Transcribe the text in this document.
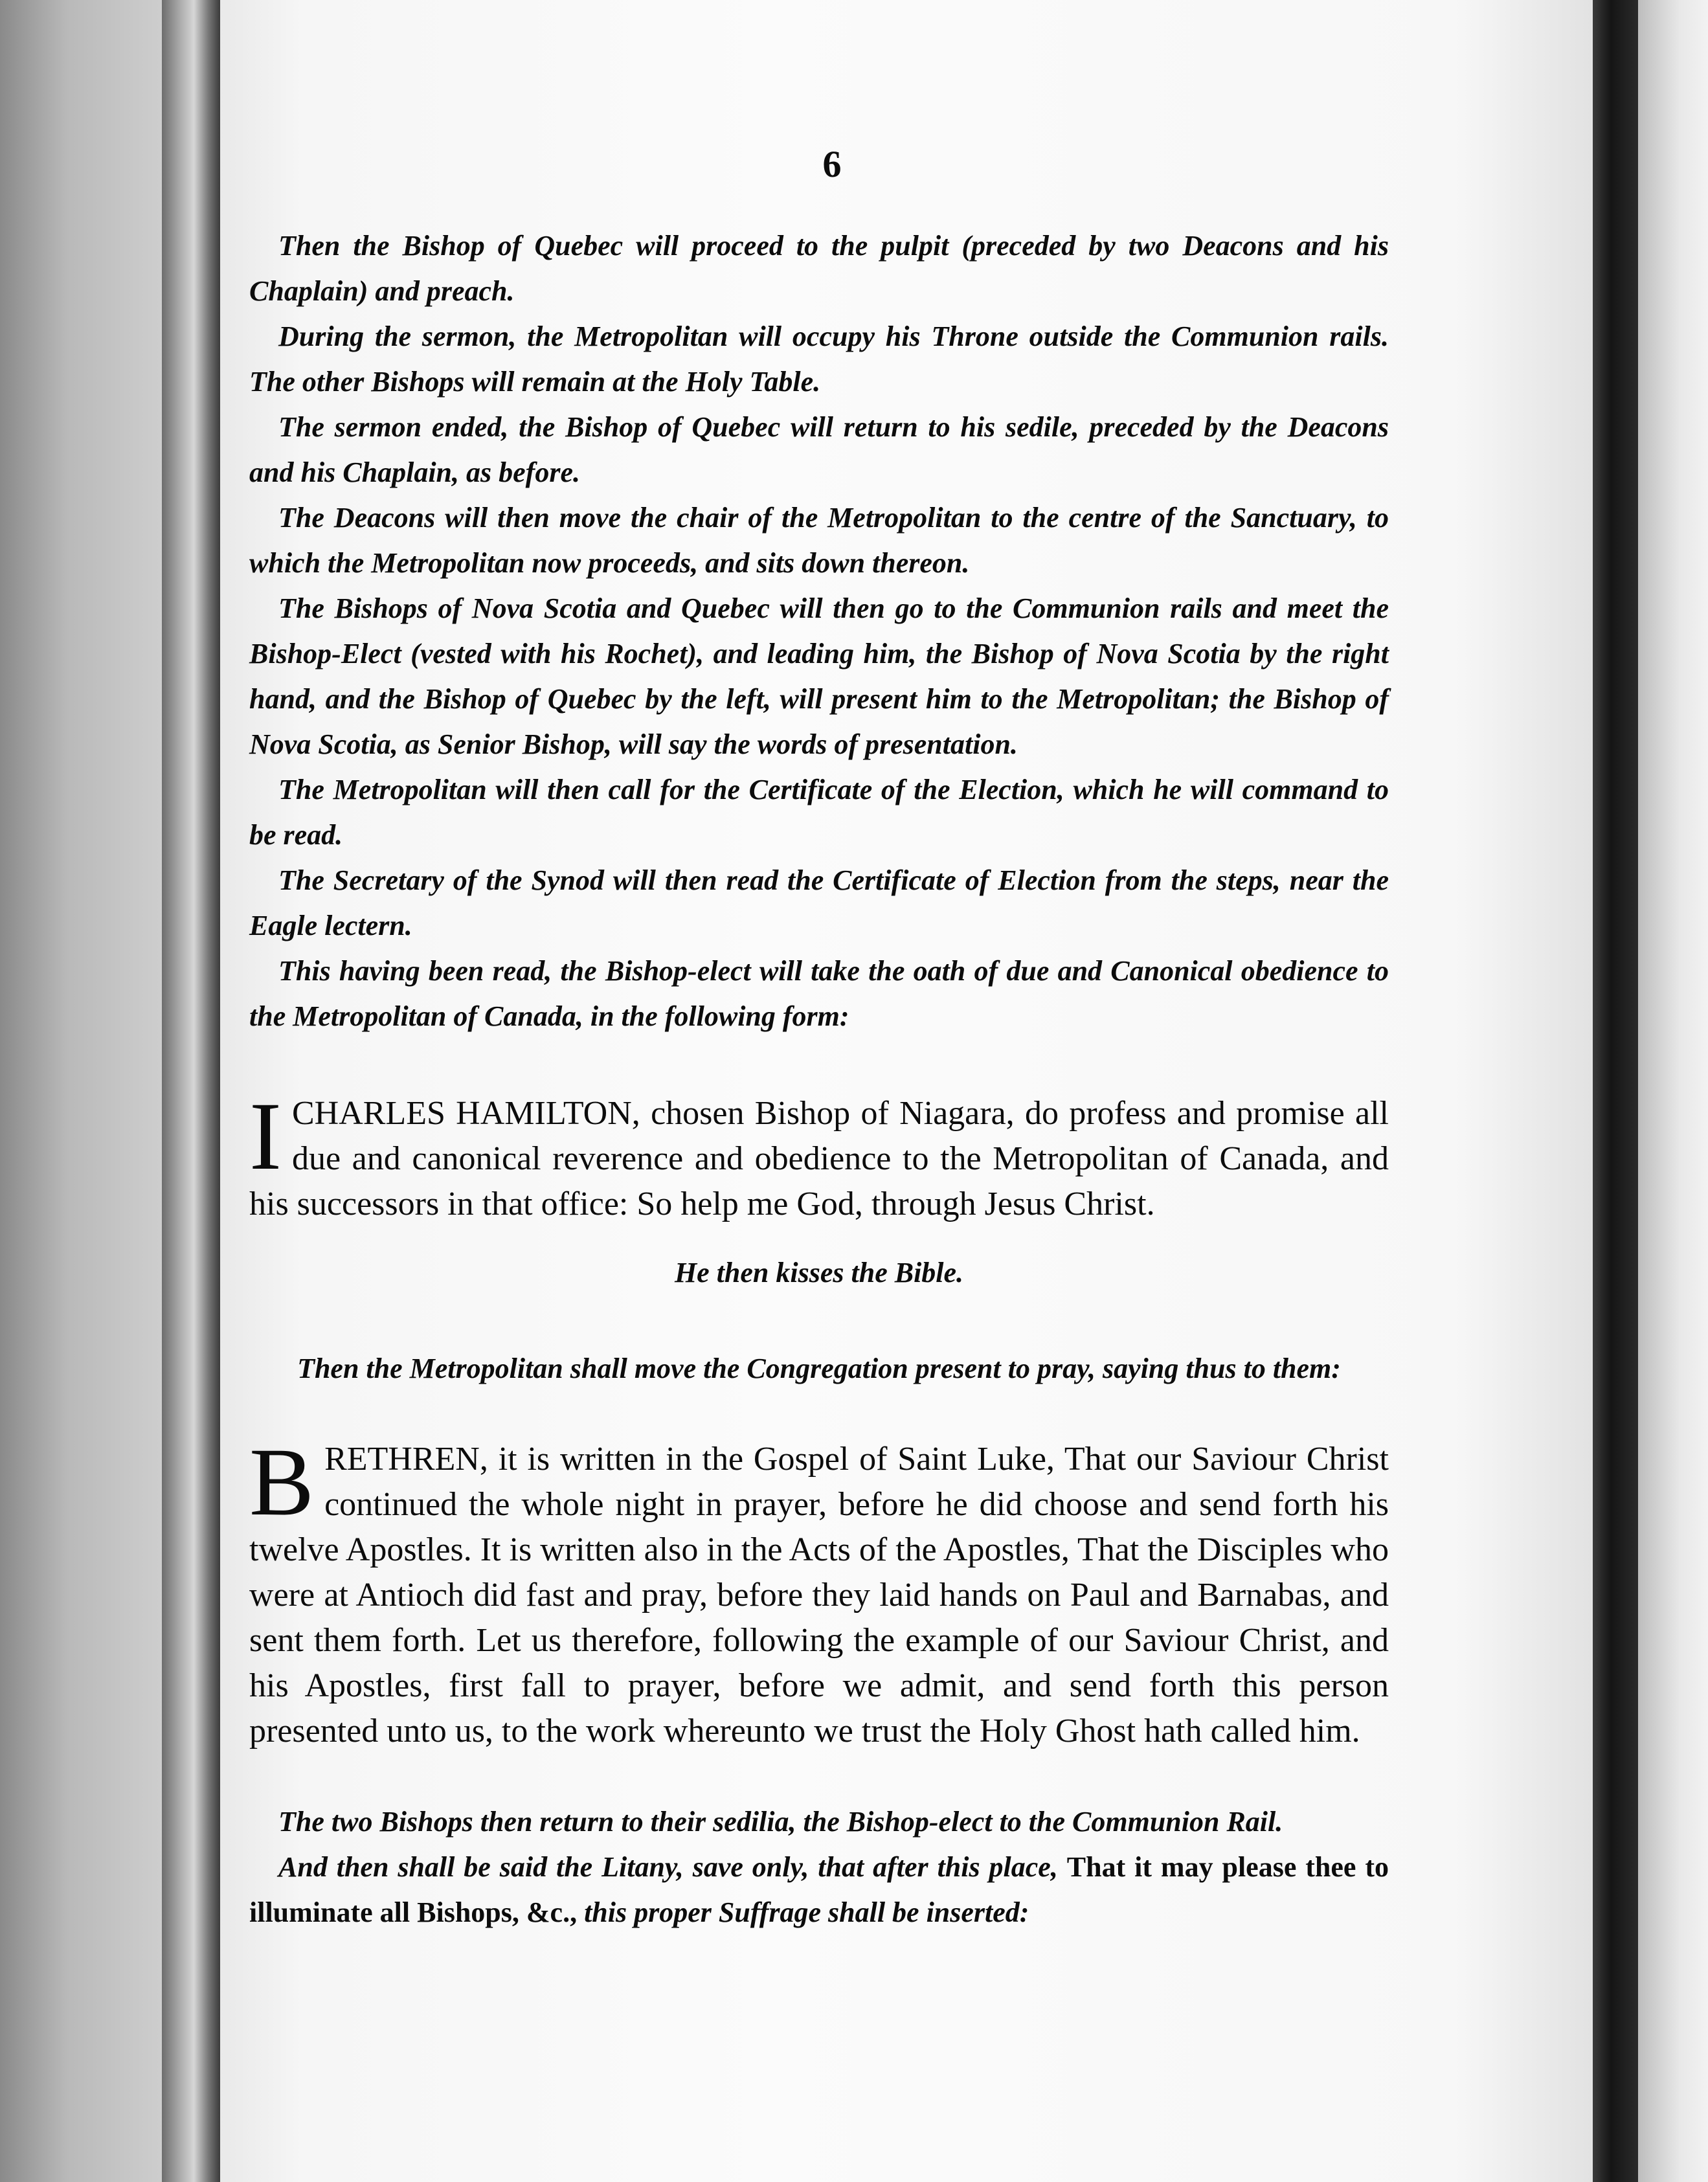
6

Then the Bishop of Quebec will proceed to the pulpit (preceded by two Deacons and his Chaplain) and preach.

During the sermon, the Metropolitan will occupy his Throne outside the Communion rails. The other Bishops will remain at the Holy Table.

The sermon ended, the Bishop of Quebec will return to his sedile, preceded by the Deacons and his Chaplain, as before.

The Deacons will then move the chair of the Metropolitan to the centre of the Sanctuary, to which the Metropolitan now proceeds, and sits down thereon.

The Bishops of Nova Scotia and Quebec will then go to the Communion rails and meet the Bishop-Elect (vested with his Rochet), and leading him, the Bishop of Nova Scotia by the right hand, and the Bishop of Quebec by the left, will present him to the Metropolitan; the Bishop of Nova Scotia, as Senior Bishop, will say the words of presentation.

The Metropolitan will then call for the Certificate of the Election, which he will command to be read.

The Secretary of the Synod will then read the Certificate of Election from the steps, near the Eagle lectern.

This having been read, the Bishop-elect will take the oath of due and Canonical obedience to the Metropolitan of Canada, in the following form:

ICHARLES HAMILTON, chosen Bishop of Niagara, do profess and promise all due and canonical reverence and obedience to the Metropolitan of Canada, and his successors in that office: So help me God, through Jesus Christ.

He then kisses the Bible.

Then the Metropolitan shall move the Congregation present to pray, saying thus to them:

BRETHREN, it is written in the Gospel of Saint Luke, That our Saviour Christ continued the whole night in prayer, before he did choose and send forth his twelve Apostles. It is written also in the Acts of the Apostles, That the Disciples who were at Antioch did fast and pray, before they laid hands on Paul and Barnabas, and sent them forth. Let us therefore, following the example of our Saviour Christ, and his Apostles, first fall to prayer, before we admit, and send forth this person presented unto us, to the work whereunto we trust the Holy Ghost hath called him.

The two Bishops then return to their sedilia, the Bishop-elect to the Communion Rail.

And then shall be said the Litany, save only, that after this place, That it may please thee to illuminate all Bishops, &c., this proper Suffrage shall be inserted:
